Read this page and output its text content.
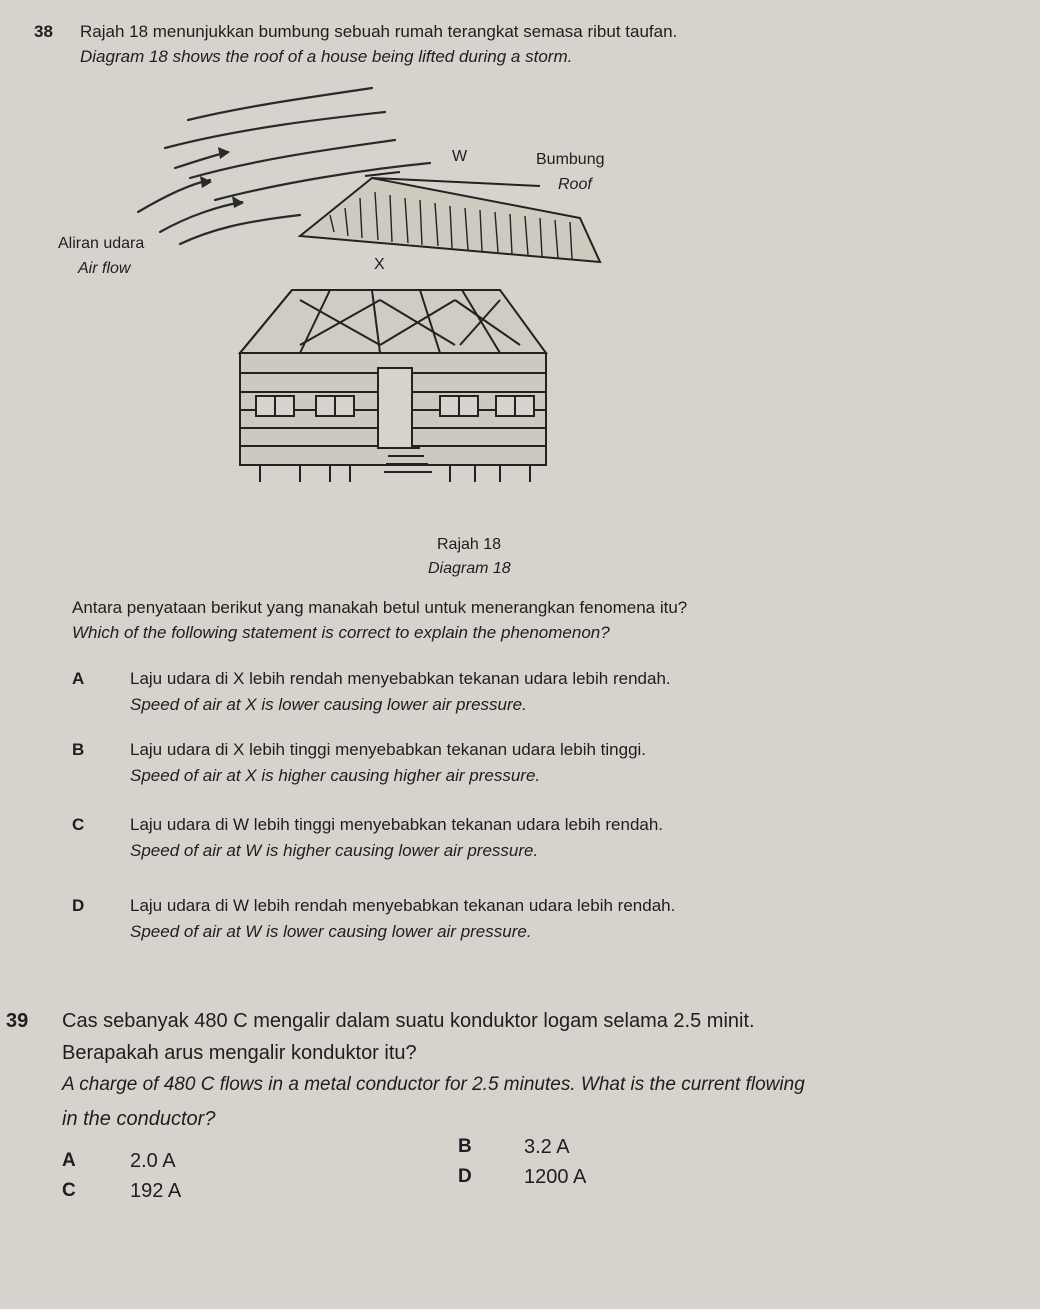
38 Rajah 18 menunjukkan bumbung sebuah rumah terangkat semasa ribut taufan.
Diagram 18 shows the roof of a house being lifted during a storm.
W	Bumbung
Roof
Aliran udara
Air flow	X
Rajah 18
Diagram 18
Antara penyataan berikut yang manakah betul untuk menerangkan fenomena itu?
Which of the following statement is correct to explain the phenomenon?
A	Laju udara di X lebih rendah menyebabkan tekanan udara lebih rendah.
Speed of air at X is lower causing lower air pressure.
B	Laju udara di X lebih tinggi menyebabkan tekanan udara lebih tinggi.
Speed of air at X is higher causing higher air pressure.
C	Laju udara di W lebih tinggi menyebabkan tekanan udara lebih rendah.
Speed of air at W is higher causing lower air pressure.
D	Laju udara di W lebih rendah menyebabkan tekanan udara lebih rendah.
Speed of air at W is lower causing lower air pressure.
39 Cas sebanyak 480 C mengalir dalam suatu konduktor logam selama 2.5 minit.
Berapakah arus mengalir konduktor itu?
A charge of 480 C flows in a metal conductor for 2.5 minutes. What is the current flowing
in the conductor?
A	2.0 A
B	3.2 A
C	192 A
D	1200 A
